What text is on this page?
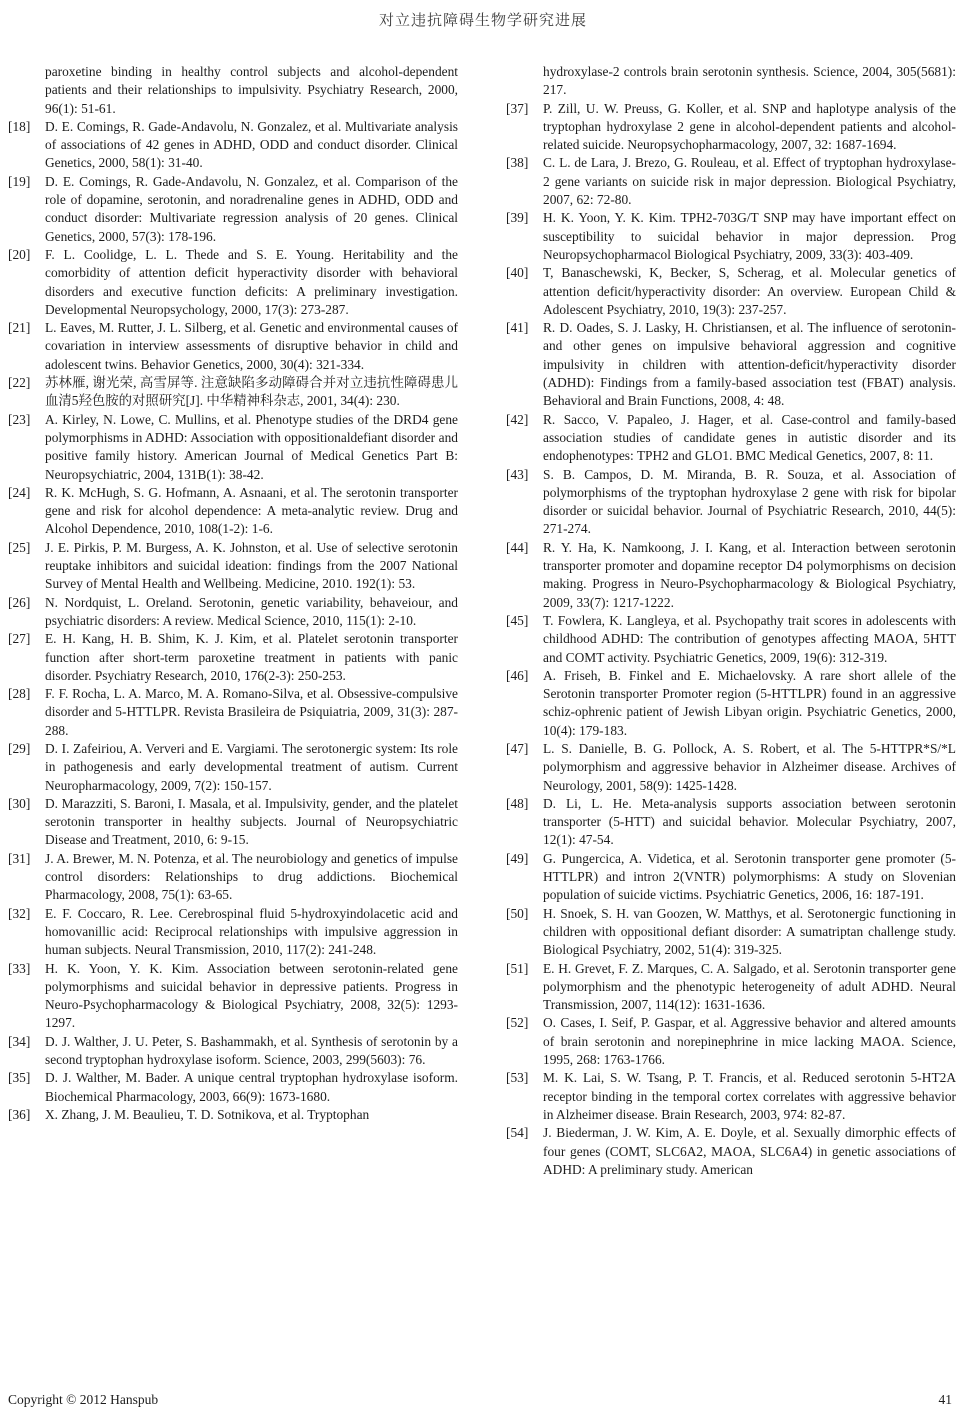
对立违抗障碍生物学研究进展
paroxetine binding in healthy control subjects and alcohol-dependent patients and their relationships to impulsivity. Psychiatry Research, 2000, 96(1): 51-61.
[18]	D. E. Comings, R. Gade-Andavolu, N. Gonzalez, et al. Multivariate analysis of associations of 42 genes in ADHD, ODD and conduct disorder. Clinical Genetics, 2000, 58(1): 31-40.
[19]	D. E. Comings, R. Gade-Andavolu, N. Gonzalez, et al. Comparison of the role of dopamine, serotonin, and noradrenaline genes in ADHD, ODD and conduct disorder: Multivariate regression analysis of 20 genes. Clinical Genetics, 2000, 57(3): 178-196.
[20]	F. L. Coolidge, L. L. Thede and S. E. Young. Heritability and the comorbidity of attention deficit hyperactivity disorder with behavioral disorders and executive function deficits: A preliminary investigation. Developmental Neuropsychology, 2000, 17(3): 273-287.
[21]	L. Eaves, M. Rutter, J. L. Silberg, et al. Genetic and environmental causes of covariation in interview assessments of disruptive behavior in child and adolescent twins. Behavior Genetics, 2000, 30(4): 321-334.
[22]	苏林雁, 谢光荣, 高雪屏等. 注意缺陷多动障碍合并对立违抗性障碍患儿血清5羟色胺的对照研究[J]. 中华精神科杂志, 2001, 34(4): 230.
[23]	A. Kirley, N. Lowe, C. Mullins, et al. Phenotype studies of the DRD4 gene polymorphisms in ADHD: Association with oppositionaldefiant disorder and positive family history. American Journal of Medical Genetics Part B: Neuropsychiatric, 2004, 131B(1): 38-42.
[24]	R. K. McHugh, S. G. Hofmann, A. Asnaani, et al. The serotonin transporter gene and risk for alcohol dependence: A meta-analytic review. Drug and Alcohol Dependence, 2010, 108(1-2): 1-6.
[25]	J. E. Pirkis, P. M. Burgess, A. K. Johnston, et al. Use of selective serotonin reuptake inhibitors and suicidal ideation: findings from the 2007 National Survey of Mental Health and Wellbeing. Medicine, 2010. 192(1): 53.
[26]	N. Nordquist, L. Oreland. Serotonin, genetic variability, behaveiour, and psychiatric disorders: A review. Medical Science, 2010, 115(1): 2-10.
[27]	E. H. Kang, H. B. Shim, K. J. Kim, et al. Platelet serotonin transporter function after short-term paroxetine treatment in patients with panic disorder. Psychiatry Research, 2010, 176(2-3): 250-253.
[28]	F. F. Rocha, L. A. Marco, M. A. Romano-Silva, et al. Obsessive-compulsive disorder and 5-HTTLPR. Revista Brasileira de Psiquiatria, 2009, 31(3): 287-288.
[29]	D. I. Zafeiriou, A. Ververi and E. Vargiami. The serotonergic system: Its role in pathogenesis and early developmental treatment of autism. Current Neuropharmacology, 2009, 7(2): 150-157.
[30]	D. Marazziti, S. Baroni, I. Masala, et al. Impulsivity, gender, and the platelet serotonin transporter in healthy subjects. Journal of Neuropsychiatric Disease and Treatment, 2010, 6: 9-15.
[31]	J. A. Brewer, M. N. Potenza, et al. The neurobiology and genetics of impulse control disorders: Relationships to drug addictions. Biochemical Pharmacology, 2008, 75(1): 63-65.
[32]	E. F. Coccaro, R. Lee. Cerebrospinal fluid 5-hydroxyindolacetic acid and homovanillic acid: Reciprocal relationships with impulsive aggression in human subjects. Neural Transmission, 2010, 117(2): 241-248.
[33]	H. K. Yoon, Y. K. Kim. Association between serotonin-related gene polymorphisms and suicidal behavior in depressive patients. Progress in Neuro-Psychopharmacology & Biological Psychiatry, 2008, 32(5): 1293-1297.
[34]	D. J. Walther, J. U. Peter, S. Bashammakh, et al. Synthesis of serotonin by a second tryptophan hydroxylase isoform. Science, 2003, 299(5603): 76.
[35]	D. J. Walther, M. Bader. A unique central tryptophan hydroxylase isoform. Biochemical Pharmacology, 2003, 66(9): 1673-1680.
[36]	X. Zhang, J. M. Beaulieu, T. D. Sotnikova, et al. Tryptophan
hydroxylase-2 controls brain serotonin synthesis. Science, 2004, 305(5681): 217.
[37]	P. Zill, U. W. Preuss, G. Koller, et al. SNP and haplotype analysis of the tryptophan hydroxylase 2 gene in alcohol-dependent patients and alcohol-related suicide. Neuropsychopharmacology, 2007, 32: 1687-1694.
[38]	C. L. de Lara, J. Brezo, G. Rouleau, et al. Effect of tryptophan hydroxylase-2 gene variants on suicide risk in major depression. Biological Psychiatry, 2007, 62: 72-80.
[39]	H. K. Yoon, Y. K. Kim. TPH2-703G/T SNP may have important effect on susceptibility to suicidal behavior in major depression. Prog Neuropsychopharmacol Biological Psychiatry, 2009, 33(3): 403-409.
[40]	T, Banaschewski, K, Becker, S, Scherag, et al. Molecular genetics of attention deficit/hyperactivity disorder: An overview. European Child & Adolescent Psychiatry, 2010, 19(3): 237-257.
[41]	R. D. Oades, S. J. Lasky, H. Christiansen, et al. The influence of serotonin- and other genes on impulsive behavioral aggression and cognitive impulsivity in children with attention-deficit/hyperactivity disorder (ADHD): Findings from a family-based association test (FBAT) analysis. Behavioral and Brain Functions, 2008, 4: 48.
[42]	R. Sacco, V. Papaleo, J. Hager, et al. Case-control and family-based association studies of candidate genes in autistic disorder and its endophenotypes: TPH2 and GLO1. BMC Medical Genetics, 2007, 8: 11.
[43]	S. B. Campos, D. M. Miranda, B. R. Souza, et al. Association of polymorphisms of the tryptophan hydroxylase 2 gene with risk for bipolar disorder or suicidal behavior. Journal of Psychiatric Research, 2010, 44(5): 271-274.
[44]	R. Y. Ha, K. Namkoong, J. I. Kang, et al. Interaction between serotonin transporter promoter and dopamine receptor D4 polymorphisms on decision making. Progress in Neuro-Psychopharmacology & Biological Psychiatry, 2009, 33(7): 1217-1222.
[45]	T. Fowlera, K. Langleya, et al. Psychopathy trait scores in adolescents with childhood ADHD: The contribution of genotypes affecting MAOA, 5HTT and COMT activity. Psychiatric Genetics, 2009, 19(6): 312-319.
[46]	A. Friseh, B. Finkel and E. Michaelovsky. A rare short allele of the Serotonin transporter Promoter region (5-HTTLPR) found in an aggressive schiz-ophrenic patient of Jewish Libyan origin. Psychiatric Genetics, 2000, 10(4): 179-183.
[47]	L. S. Danielle, B. G. Pollock, A. S. Robert, et al. The 5-HTTPR*S/*L polymorphism and aggressive behavior in Alzheimer disease. Archives of Neurology, 2001, 58(9): 1425-1428.
[48]	D. Li, L. He. Meta-analysis supports association between serotonin transporter (5-HTT) and suicidal behavior. Molecular Psychiatry, 2007, 12(1): 47-54.
[49]	G. Pungercica, A. Videtica, et al. Serotonin transporter gene promoter (5-HTTLPR) and intron 2(VNTR) polymorphisms: A study on Slovenian population of suicide victims. Psychiatric Genetics, 2006, 16: 187-191.
[50]	H. Snoek, S. H. van Goozen, W. Matthys, et al. Serotonergic functioning in children with oppositional defiant disorder: A sumatriptan challenge study. Biological Psychiatry, 2002, 51(4): 319-325.
[51]	E. H. Grevet, F. Z. Marques, C. A. Salgado, et al. Serotonin transporter gene polymorphism and the phenotypic heterogeneity of adult ADHD. Neural Transmission, 2007, 114(12): 1631-1636.
[52]	O. Cases, I. Seif, P. Gaspar, et al. Aggressive behavior and altered amounts of brain serotonin and norepinephrine in mice lacking MAOA. Science, 1995, 268: 1763-1766.
[53]	M. K. Lai, S. W. Tsang, P. T. Francis, et al. Reduced serotonin 5-HT2A receptor binding in the temporal cortex correlates with aggressive behavior in Alzheimer disease. Brain Research, 2003, 974: 82-87.
[54]	J. Biederman, J. W. Kim, A. E. Doyle, et al. Sexually dimorphic effects of four genes (COMT, SLC6A2, MAOA, SLC6A4) in genetic associations of ADHD: A preliminary study. American
Copyright © 2012 Hanspub	41
